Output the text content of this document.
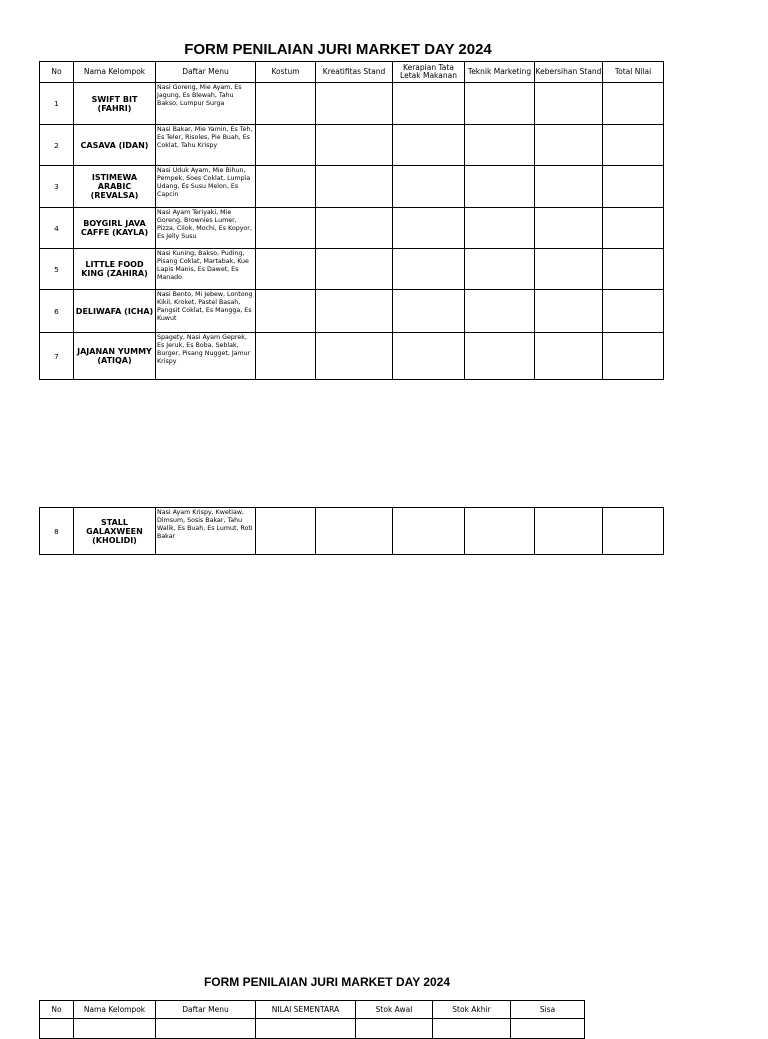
FORM PENILAIAN JURI MARKET DAY 2024
No	Nama Kelompok	Daftar Menu	Kostum	Kreatifitas Stand	Kerapian Tata Letak Makanan	Teknik Marketing	Kebersihan Stand	Total Nilai
1	SWIFT BIT (FAHRI)	Nasi Goreng, Mie Ayam, Es Jagung, Es Blewah, Tahu Bakso, Lumpur Surga						
2	CASAVA (IDAN)	Nasi Bakar, Mie Yamin, Es Teh, Es Teler, Risoles, Pie Buah, Es Coklat, Tahu Krispy						
3	ISTIMEWA ARABIC (REVALSA)	Nasi Uduk Ayam, Mie Bihun, Pempek, Soes Coklat, Lumpia Udang, Es Susu Melon, Es Capcin						
4	BOYGIRL JAVA CAFFE (KAYLA)	Nasi Ayam Teriyaki, Mie Goreng, Brownies Lumer, Pizza, Cilok, Mochi, Es Kopyor, Es Jelly Susu						
5	LITTLE FOOD KING (ZAHIRA)	Nasi Kuning, Bakso, Puding, Pisang Coklat, Martabak, Kue Lapis Manis, Es Dawet, Es Manado						
6	DELIWAFA (ICHA)	Nasi Bento, Mi Jebew, Lontong Kikil, Kroket, Pastel Basah, Pangsit Coklat, Es Mangga, Es Kuwut						
7	JAJANAN YUMMY (ATIQA)	Spagety, Nasi Ayam Geprek, Es Jeruk, Es Boba, Seblak, Burger, Pisang Nugget, Jamur Krispy						
8	STALL GALAXWEEN (KHOLIDI)	Nasi Ayam Krispy, Kwetiaw, Dimsum, Sosis Bakar, Tahu Walik, Es Buah, Es Lumut, Roti Bakar						
FORM PENILAIAN JURI MARKET DAY 2024
No	Nama Kelompok	Daftar Menu	NILAI SEMENTARA	Stok Awal	Stok Akhir	Sisa
